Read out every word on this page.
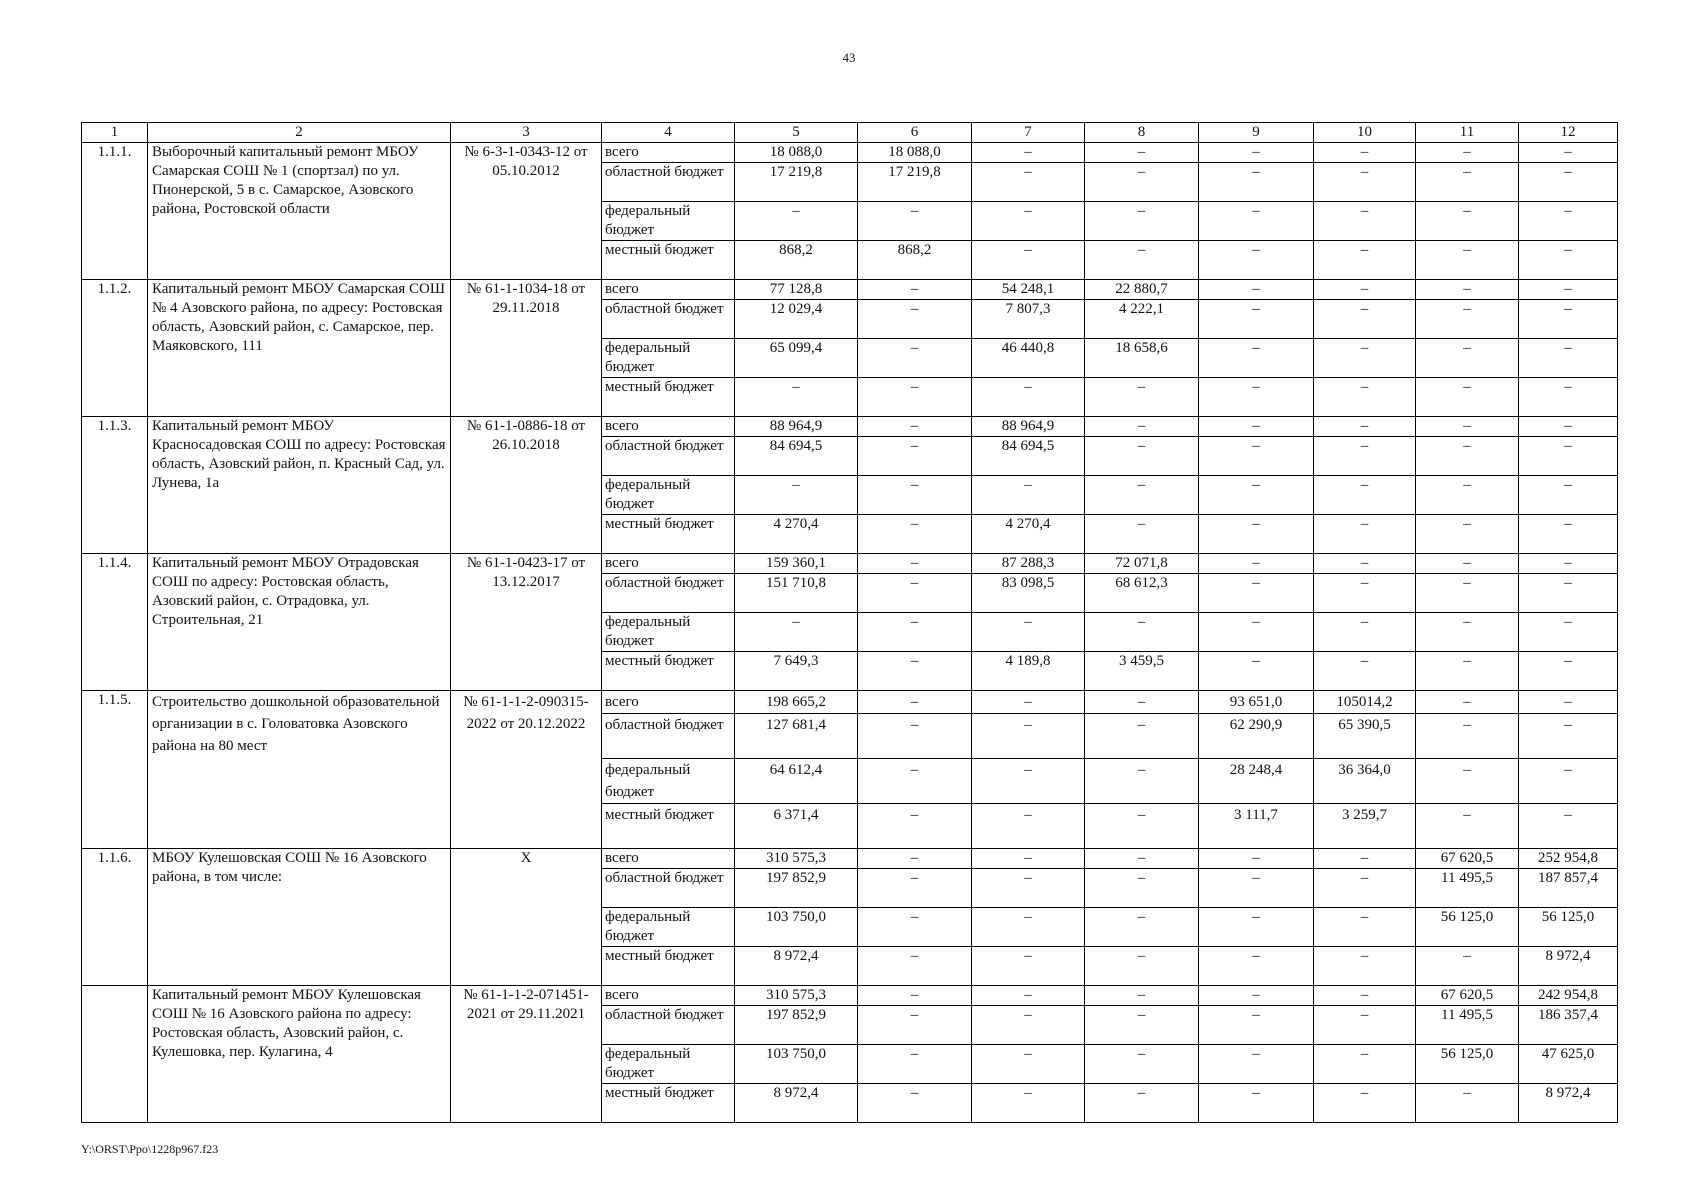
43
1	2	3	4	5	6	7	8	9	10	11	12
1.1.1.	Выборочный капитальный ремонт МБОУ Самарская СОШ № 1 (спортзал) по ул. Пионерской, 5 в с. Самарское, Азовского района, Ростовской области	№ 6-3-1-0343-12 от 05.10.2012	всего	18 088,0	18 088,0	–	–	–	–	–	–
			областной бюджет	17 219,8	17 219,8	–	–	–	–	–	–
			федеральный бюджет	–	–	–	–	–	–	–	–
			местный бюджет	868,2	868,2	–	–	–	–	–	–
1.1.2.	Капитальный ремонт МБОУ Самарская СОШ № 4 Азовского района, по адресу: Ростовская область, Азовский район, с. Самарское, пер. Маяковского, 111	№ 61-1-1034-18 от 29.11.2018	всего	77 128,8	–	54 248,1	22 880,7	–	–	–	–
			областной бюджет	12 029,4	–	7 807,3	4 222,1	–	–	–	–
			федеральный бюджет	65 099,4	–	46 440,8	18 658,6	–	–	–	–
			местный бюджет	–	–	–	–	–	–	–	–
1.1.3.	Капитальный ремонт МБОУ Красносадовская СОШ по адресу: Ростовская область, Азовский район, п. Красный Сад, ул. Лунева, 1а	№ 61-1-0886-18 от 26.10.2018	всего	88 964,9	–	88 964,9	–	–	–	–	–
			областной бюджет	84 694,5	–	84 694,5	–	–	–	–	–
			федеральный бюджет	–	–	–	–	–	–	–	–
			местный бюджет	4 270,4	–	4 270,4	–	–	–	–	–
1.1.4.	Капитальный ремонт МБОУ Отрадовская СОШ по адресу: Ростовская область, Азовский район, с. Отрадовка, ул. Строительная, 21	№ 61-1-0423-17 от 13.12.2017	всего	159 360,1	–	87 288,3	72 071,8	–	–	–	–
			областной бюджет	151 710,8	–	83 098,5	68 612,3	–	–	–	–
			федеральный бюджет	–	–	–	–	–	–	–	–
			местный бюджет	7 649,3	–	4 189,8	3 459,5	–	–	–	–
1.1.5.	Строительство дошкольной образовательной организации в с. Головатовка Азовского района на 80 мест	№ 61-1-1-2-090315-2022 от 20.12.2022	всего	198 665,2	–	–	–	93 651,0	105014,2	–	–
			областной бюджет	127 681,4	–	–	–	62 290,9	65 390,5	–	–
			федеральный бюджет	64 612,4	–	–	–	28 248,4	36 364,0	–	–
			местный бюджет	6 371,4	–	–	–	3 111,7	3 259,7	–	–
1.1.6.	МБОУ Кулешовская СОШ № 16 Азовского района, в том числе:	Х	всего	310 575,3	–	–	–	–	–	67 620,5	252 954,8
			областной бюджет	197 852,9	–	–	–	–	–	11 495,5	187 857,4
			федеральный бюджет	103 750,0	–	–	–	–	–	56 125,0	56 125,0
			местный бюджет	8 972,4	–	–	–	–	–	–	8 972,4
	Капитальный ремонт МБОУ Кулешовская СОШ № 16 Азовского района по адресу: Ростовская область, Азовский район, с. Кулешовка, пер. Кулагина, 4	№ 61-1-1-2-071451-2021 от 29.11.2021	всего	310 575,3	–	–	–	–	–	67 620,5	242 954,8
			областной бюджет	197 852,9	–	–	–	–	–	11 495,5	186 357,4
			федеральный бюджет	103 750,0	–	–	–	–	–	56 125,0	47 625,0
			местный бюджет	8 972,4	–	–	–	–	–	–	8 972,4
Y:\ORST\Ppo\1228p967.f23
